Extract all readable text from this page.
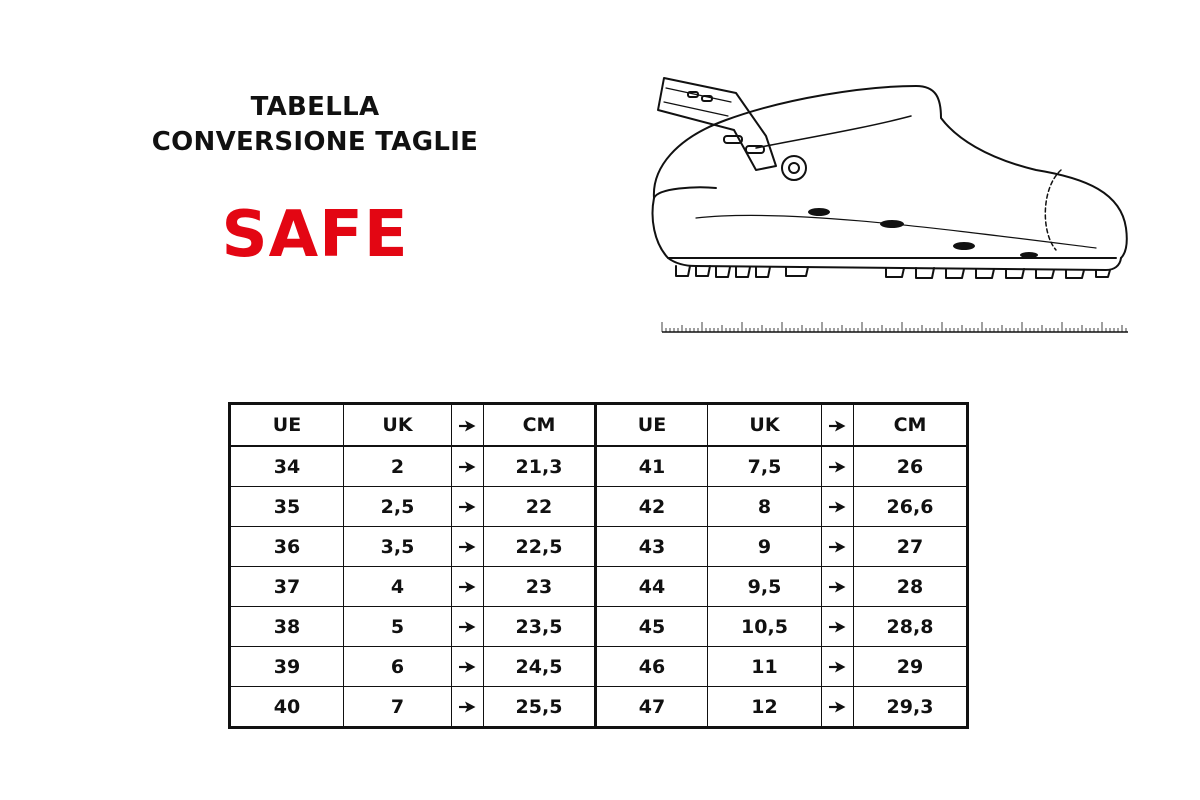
TABELLA
CONVERSIONE TAGLIE
SAFE
UE	UK		CM	UE	UK		CM
34	2		21,3	41	7,5		26
35	2,5		22	42	8		26,6
36	3,5		22,5	43	9		27
37	4		23	44	9,5		28
38	5		23,5	45	10,5		28,8
39	6		24,5	46	11		29
40	7		25,5	47	12		29,3
